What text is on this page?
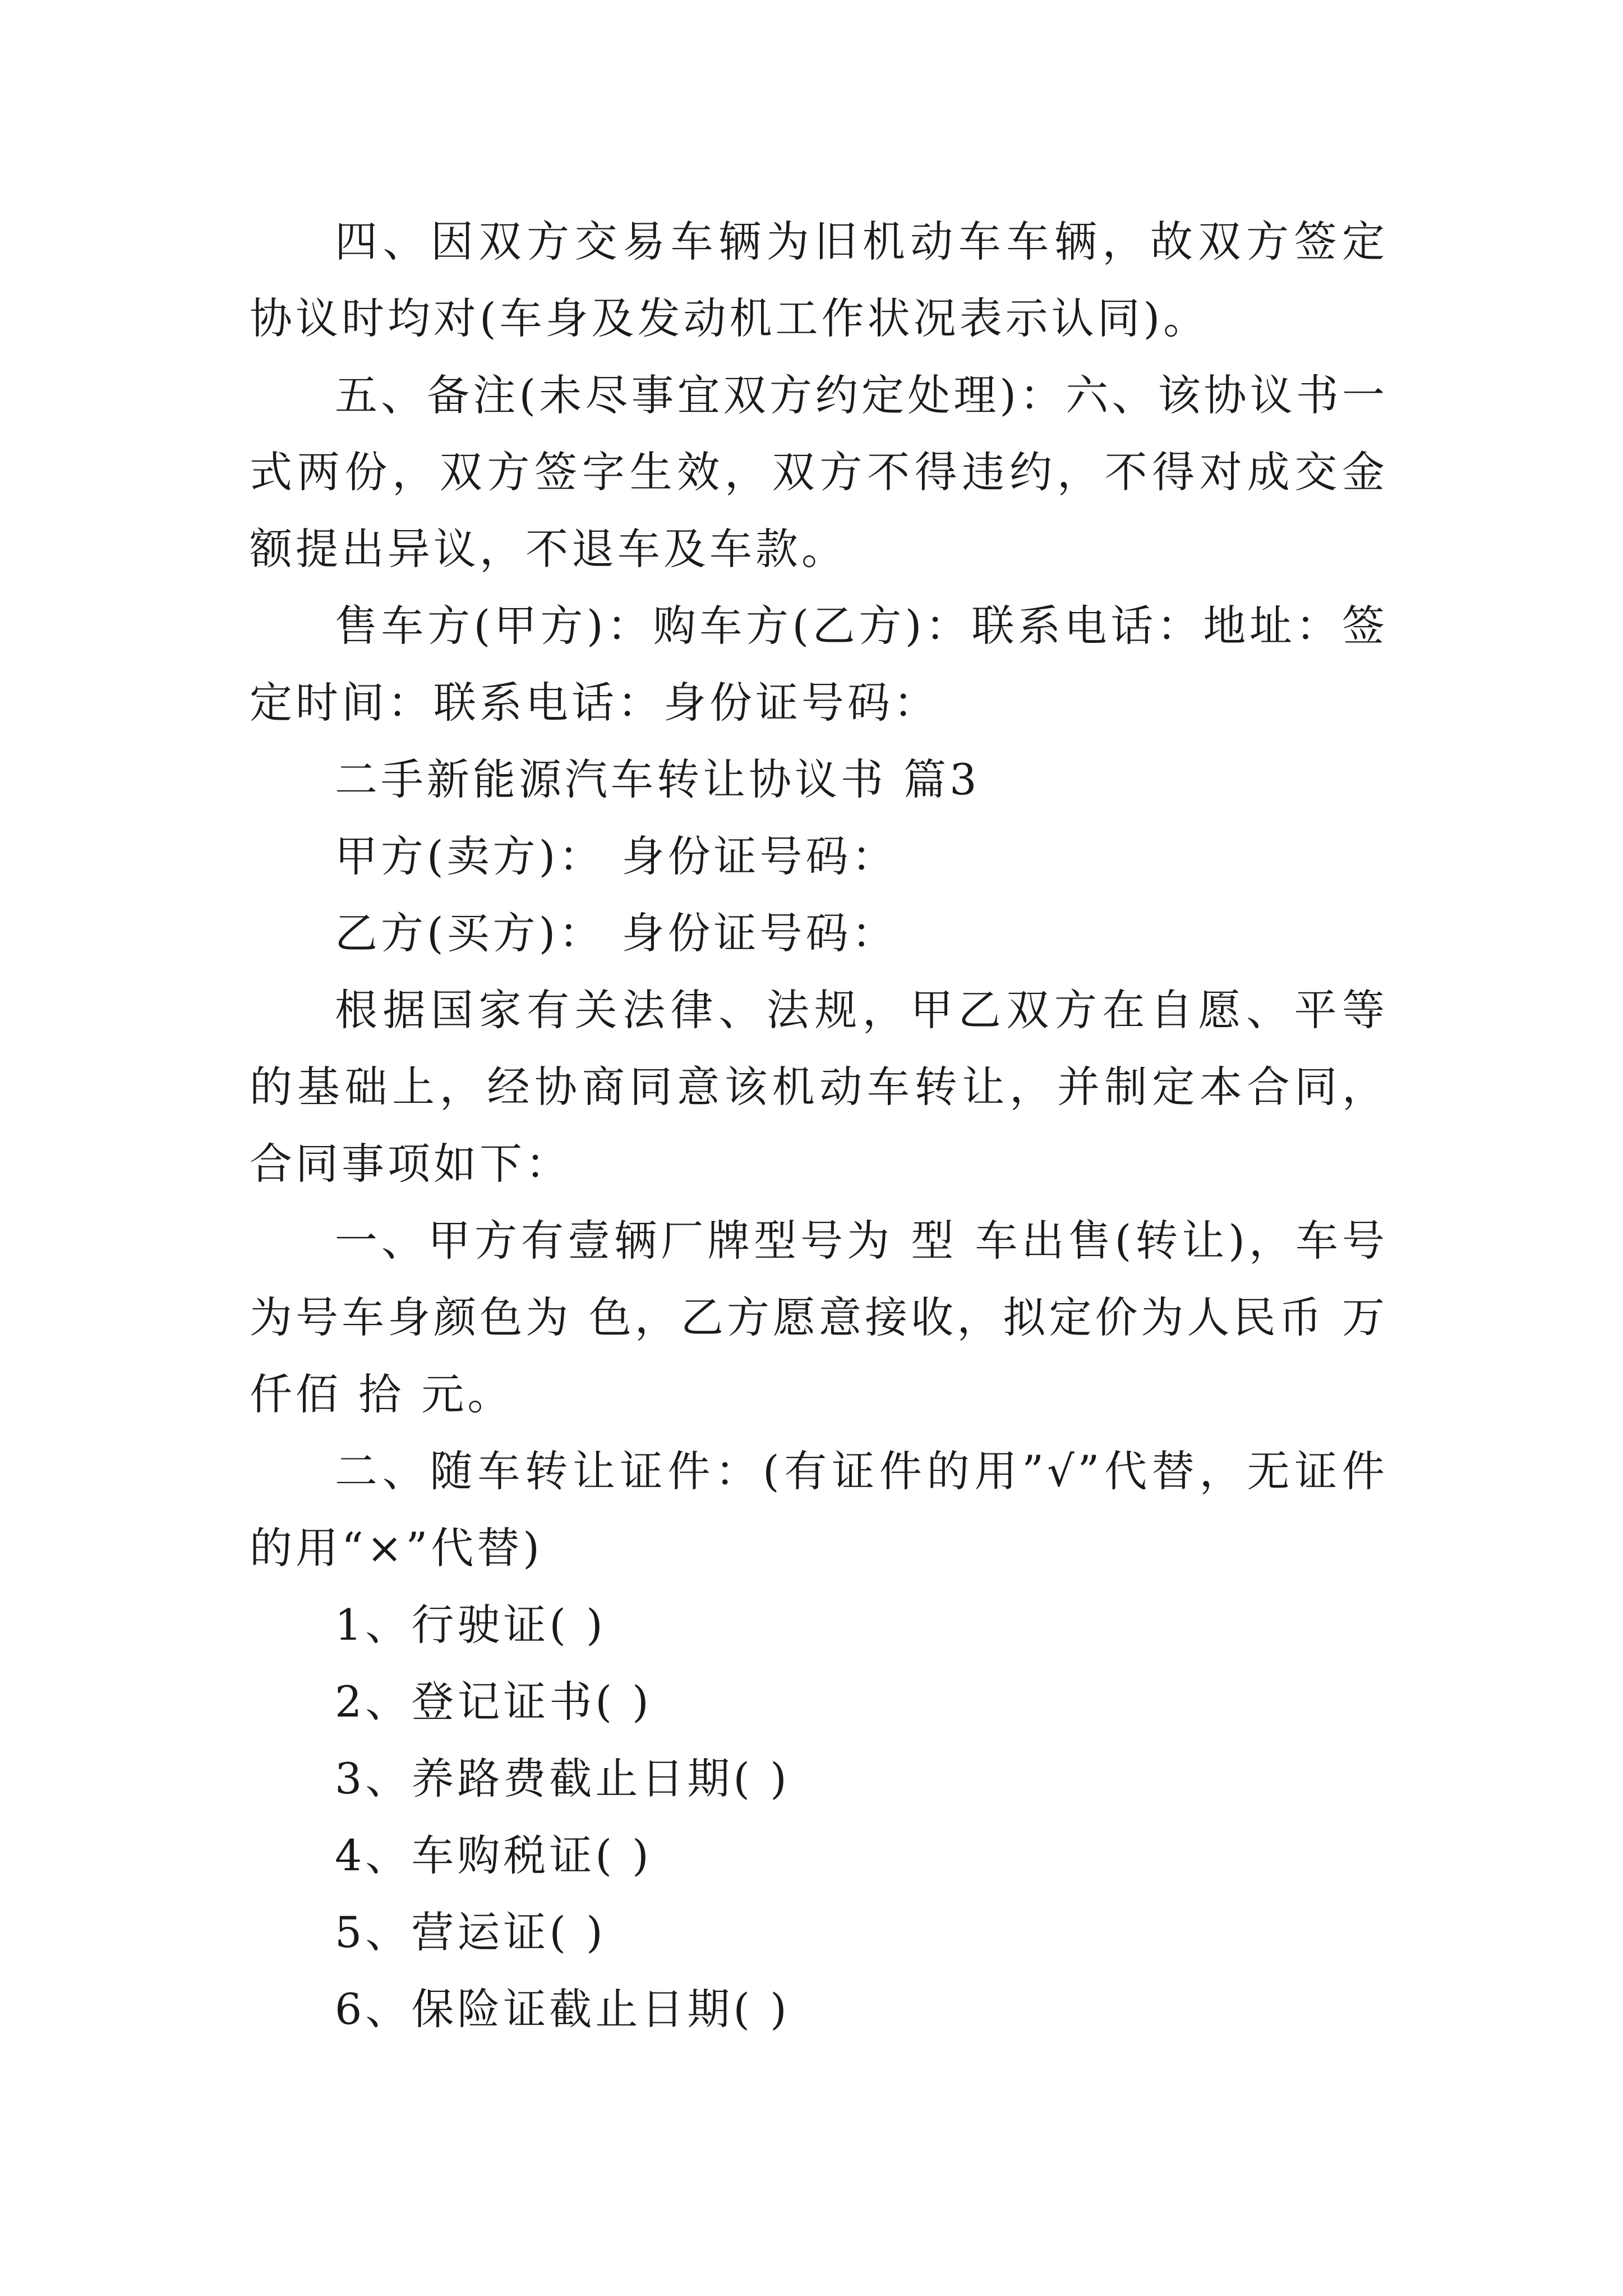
四、因双方交易车辆为旧机动车车辆，故双方签定协议时均对(车身及发动机工作状况表示认同)。

五、备注(未尽事宜双方约定处理)：六、该协议书一式两份，双方签字生效，双方不得违约，不得对成交金额提出异议，不退车及车款。

售车方(甲方)：购车方(乙方)：联系电话：地址：签定时间：联系电话：身份证号码：

二手新能源汽车转让协议书 篇3

甲方(卖方)： 身份证号码：

乙方(买方)： 身份证号码：

根据国家有关法律、法规，甲乙双方在自愿、平等的基础上，经协商同意该机动车转让，并制定本合同，合同事项如下：

一、甲方有壹辆厂牌型号为 型 车出售(转让)，车号为号车身颜色为 色，乙方愿意接收，拟定价为人民币 万 仟佰 拾 元。

二、随车转让证件：(有证件的用”√”代替，无证件的用“×”代替)

1、行驶证( )

2、登记证书( )

3、养路费截止日期( )

4、车购税证( )

5、营运证( )

6、保险证截止日期( )
